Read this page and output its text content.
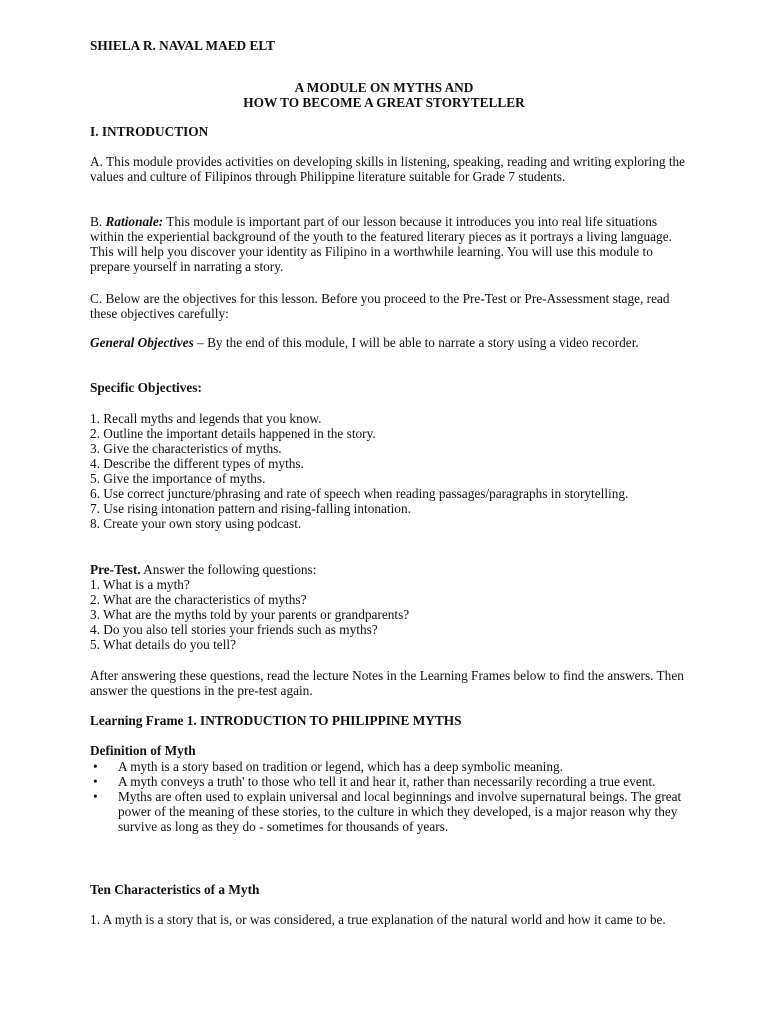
SHIELA R. NAVAL MAED ELT

A MODULE ON MYTHS AND

HOW TO BECOME A GREAT STORYTELLER

I. INTRODUCTION

A. This module provides activities on developing skills in listening, speaking, reading and writing exploring the values and culture of Filipinos through Philippine literature suitable for Grade 7 students.

B. Rationale: This module is important part of our lesson because it introduces you into real life situations within the experiential background of the youth to the featured literary pieces as it portrays a living language. This will help you discover your identity as Filipino in a worthwhile learning. You will use this module to prepare yourself in narrating a story.

C. Below are the objectives for this lesson. Before you proceed to the Pre-Test or Pre-Assessment stage, read these objectives carefully:

General Objectives – By the end of this module, I will be able to narrate a story using a video recorder.

Specific Objectives:

1. Recall myths and legends that you know.
2. Outline the important details happened in the story.
3. Give the characteristics of myths.
4. Describe the different types of myths.
5. Give the importance of myths.
6. Use correct juncture/phrasing and rate of speech when reading passages/paragraphs in storytelling.
7. Use rising intonation pattern and rising-falling intonation.
8. Create your own story using podcast.

Pre-Test. Answer the following questions:

1. What is a myth?
2. What are the characteristics of myths?
3. What are the myths told by your parents or grandparents?
4. Do you also tell stories your friends such as myths?
5. What details do you tell?

After answering these questions, read the lecture Notes in the Learning Frames below to find the answers. Then answer the questions in the pre-test again.

Learning Frame 1. INTRODUCTION TO PHILIPPINE MYTHS

Definition of Myth

• A myth is a story based on tradition or legend, which has a deep symbolic meaning.
• A myth conveys a truth' to those who tell it and hear it, rather than necessarily recording a true event.
• Myths are often used to explain universal and local beginnings and involve supernatural beings. The great power of the meaning of these stories, to the culture in which they developed, is a major reason why they survive as long as they do - sometimes for thousands of years.

Ten Characteristics of a Myth

1. A myth is a story that is, or was considered, a true explanation of the natural world and how it came to be.
